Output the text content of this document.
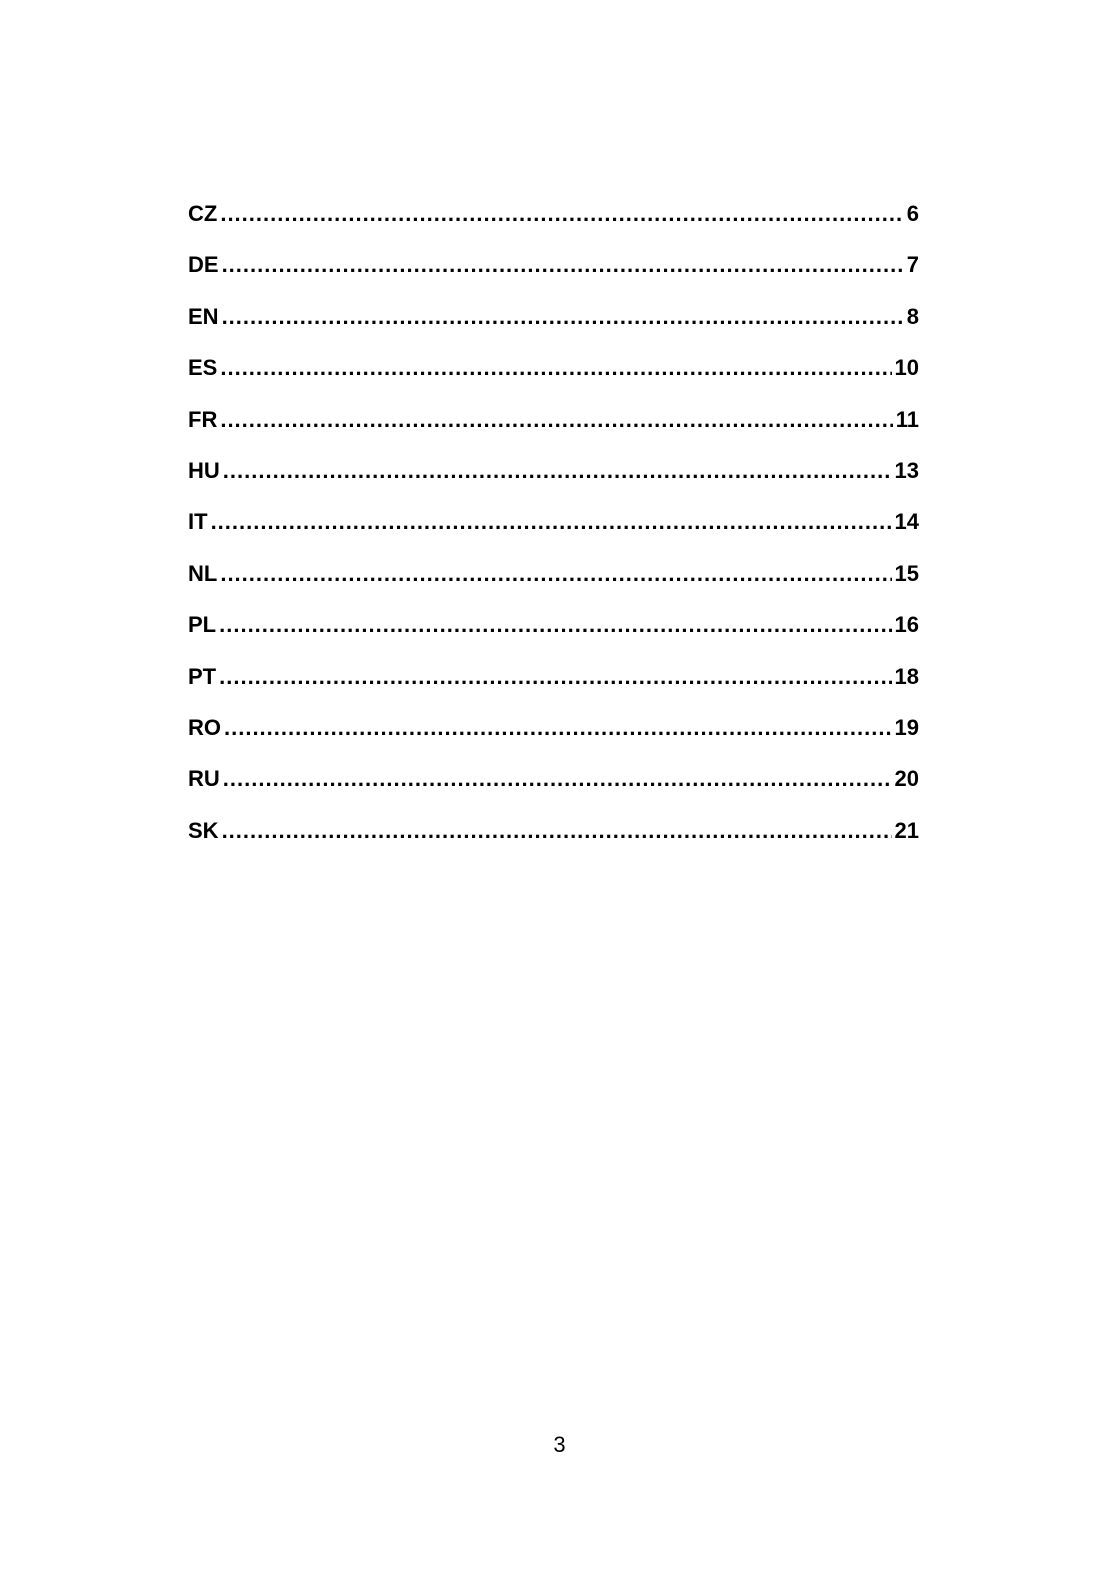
CZ .....	6
DE .....	7
EN .....	8
ES .....	10
FR .....	11
HU .....	13
IT .....	14
NL .....	15
PL .....	16
PT .....	18
RO .....	19
RU .....	20
SK .....	21
3
